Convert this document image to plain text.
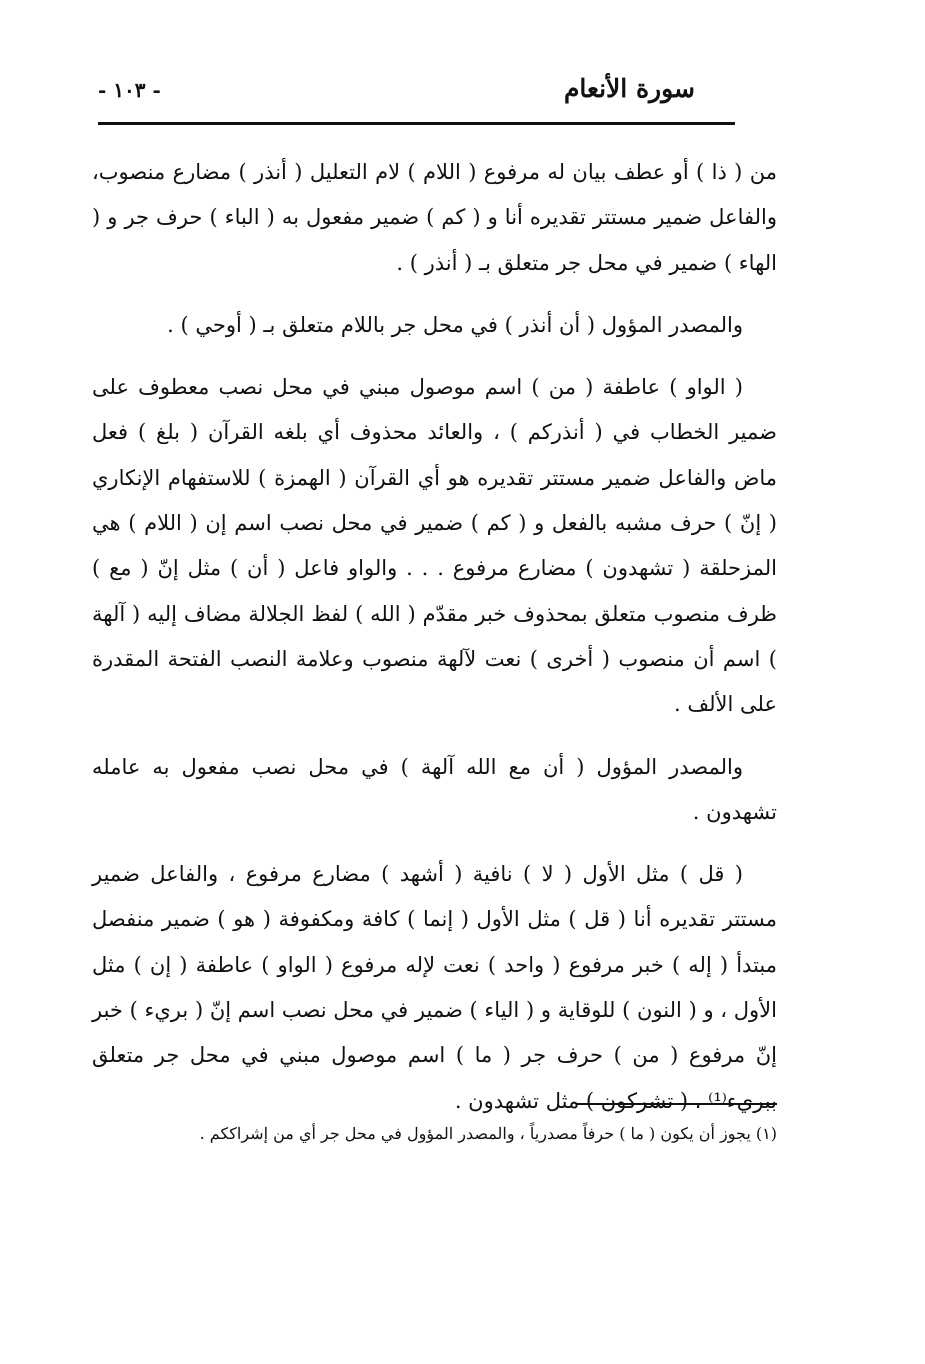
سورة الأنعام
- ١٠٣ -

من ( ذا ) أو عطف بيان له مرفوع ( اللام ) لام التعليل ( أنذر ) مضارع منصوب، والفاعل ضمير مستتر تقديره أنا و ( كم ) ضمير مفعول به ( الباء ) حرف جر و ( الهاء ) ضمير في محل جر متعلق بـ ( أنذر ) .

والمصدر المؤول ( أن أنذر ) في محل جر باللام متعلق بـ ( أوحي ) .

( الواو ) عاطفة ( من ) اسم موصول مبني في محل نصب معطوف على ضمير الخطاب في ( أنذركم ) ، والعائد محذوف أي بلغه القرآن ( بلغ ) فعل ماض والفاعل ضمير مستتر تقديره هو أي القرآن ( الهمزة ) للاستفهام الإنكاري ( إنّ ) حرف مشبه بالفعل و ( كم ) ضمير في محل نصب اسم إن ( اللام ) هي المزحلقة ( تشهدون ) مضارع مرفوع . . . والواو فاعل ( أن ) مثل إنّ ( مع ) ظرف منصوب متعلق بمحذوف خبر مقدّم ( الله ) لفظ الجلالة مضاف إليه ( آلهة ) اسم أن منصوب ( أخرى ) نعت لآلهة منصوب وعلامة النصب الفتحة المقدرة على الألف .

والمصدر المؤول ( أن مع الله آلهة ) في محل نصب مفعول به عامله تشهدون .

( قل ) مثل الأول ( لا ) نافية ( أشهد ) مضارع مرفوع ، والفاعل ضمير مستتر تقديره أنا ( قل ) مثل الأول ( إنما ) كافة ومكفوفة ( هو ) ضمير منفصل مبتدأ ( إله ) خبر مرفوع ( واحد ) نعت لإله مرفوع ( الواو ) عاطفة ( إن ) مثل الأول ، و ( النون ) للوقاية و ( الياء ) ضمير في محل نصب اسم إنّ ( بريء ) خبر إنّ مرفوع ( من ) حرف جر ( ما ) اسم موصول مبني في محل جر متعلق ببريء⁽¹⁾ ، ( تشركون ) مثل تشهدون .

(١) يجوز أن يكون ( ما ) حرفاً مصدرياً ، والمصدر المؤول في محل جر أي من إشراككم .
